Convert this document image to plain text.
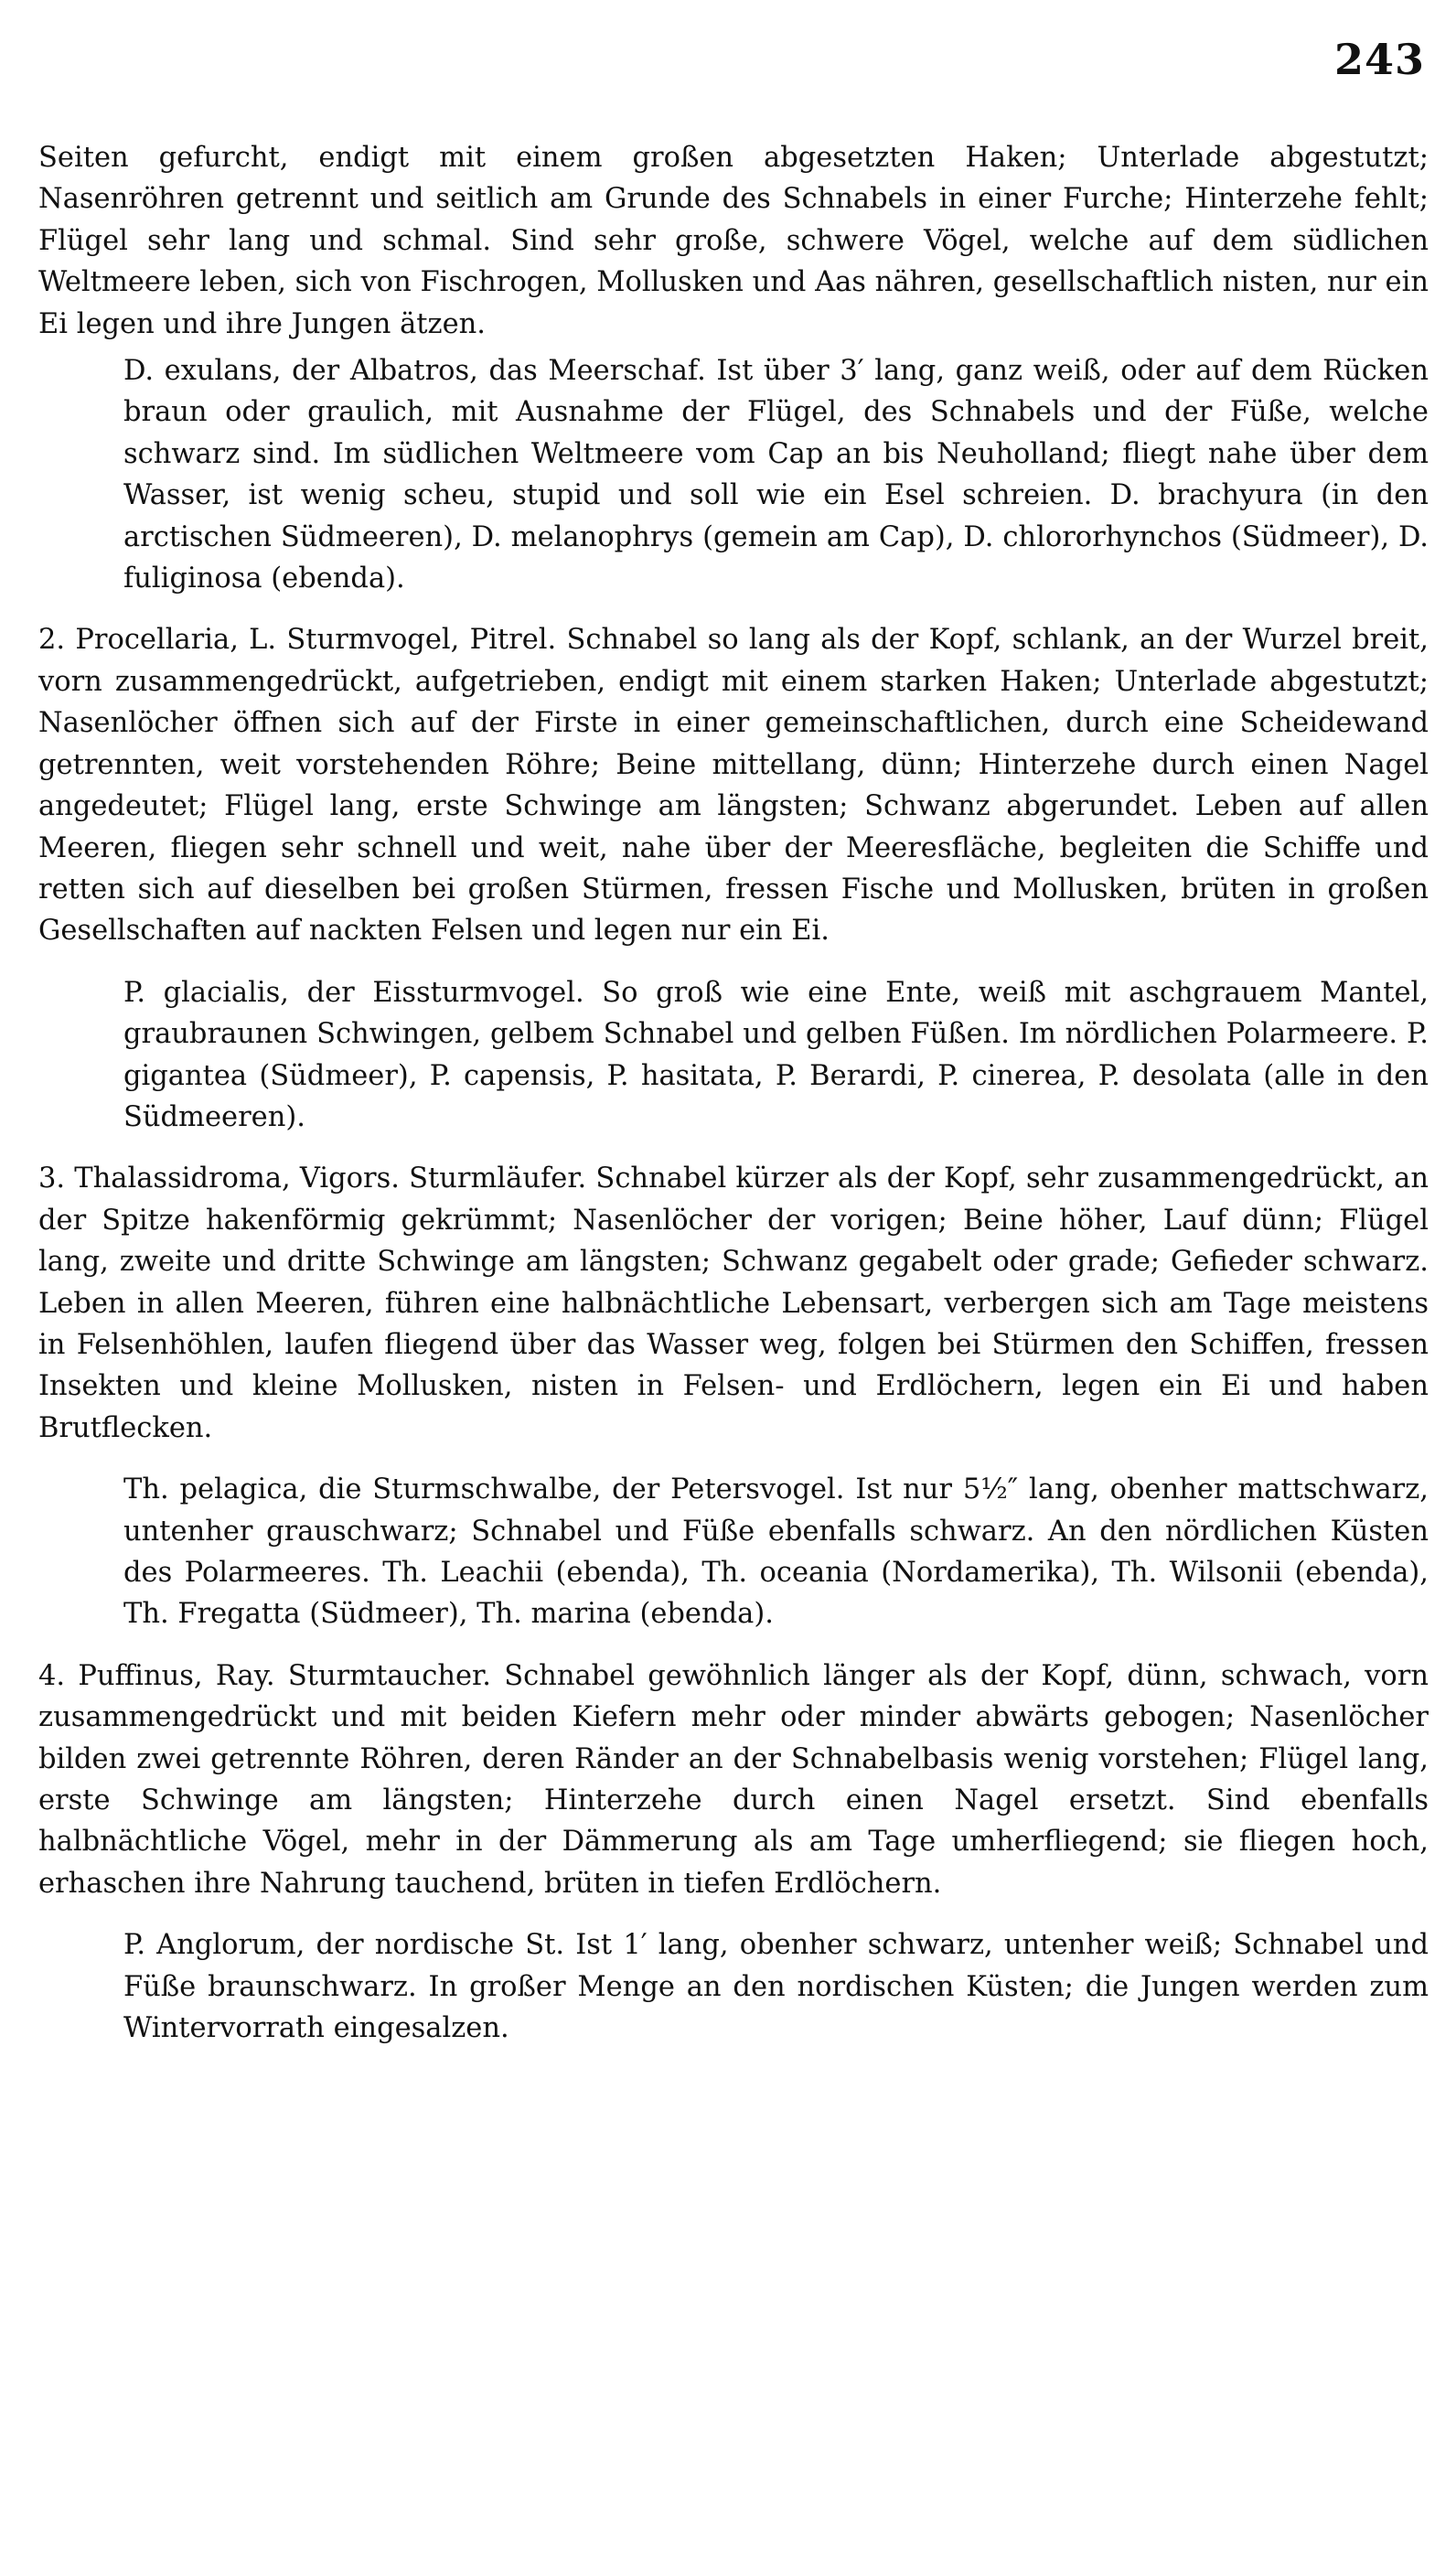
243

Seiten gefurcht, endigt mit einem großen abgesetzten Haken; Unterlade abgestutzt; Nasenröhren getrennt und seitlich am Grunde des Schnabels in einer Furche; Hinterzehe fehlt; Flügel sehr lang und schmal. Sind sehr große, schwere Vögel, welche auf dem südlichen Weltmeere leben, sich von Fischrogen, Mollusken und Aas nähren, gesellschaftlich nisten, nur ein Ei legen und ihre Jungen ätzen.

D. exulans, der Albatros, das Meerschaf. Ist über 3′ lang, ganz weiß, oder auf dem Rücken braun oder graulich, mit Ausnahme der Flügel, des Schnabels und der Füße, welche schwarz sind. Im südlichen Weltmeere vom Cap an bis Neuholland; fliegt nahe über dem Wasser, ist wenig scheu, stupid und soll wie ein Esel schreien. D. brachyura (in den arctischen Südmeeren), D. melanophrys (gemein am Cap), D. chlororhynchos (Südmeer), D. fuliginosa (ebenda).

2. Procellaria, L. Sturmvogel, Pitrel. Schnabel so lang als der Kopf, schlank, an der Wurzel breit, vorn zusammengedrückt, aufgetrieben, endigt mit einem starken Haken; Unterlade abgestutzt; Nasenlöcher öffnen sich auf der Firste in einer gemeinschaftlichen, durch eine Scheidewand getrennten, weit vorstehenden Röhre; Beine mittellang, dünn; Hinterzehe durch einen Nagel angedeutet; Flügel lang, erste Schwinge am längsten; Schwanz abgerundet. Leben auf allen Meeren, fliegen sehr schnell und weit, nahe über der Meeresfläche, begleiten die Schiffe und retten sich auf dieselben bei großen Stürmen, fressen Fische und Mollusken, brüten in großen Gesellschaften auf nackten Felsen und legen nur ein Ei.

P. glacialis, der Eissturmvogel. So groß wie eine Ente, weiß mit aschgrauem Mantel, graubraunen Schwingen, gelbem Schnabel und gelben Füßen. Im nördlichen Polarmeere. P. gigantea (Südmeer), P. capensis, P. hasitata, P. Berardi, P. cinerea, P. desolata (alle in den Südmeeren).

3. Thalassidroma, Vigors. Sturmläufer. Schnabel kürzer als der Kopf, sehr zusammengedrückt, an der Spitze hakenförmig gekrümmt; Nasenlöcher der vorigen; Beine höher, Lauf dünn; Flügel lang, zweite und dritte Schwinge am längsten; Schwanz gegabelt oder grade; Gefieder schwarz. Leben in allen Meeren, führen eine halbnächtliche Lebensart, verbergen sich am Tage meistens in Felsenhöhlen, laufen fliegend über das Wasser weg, folgen bei Stürmen den Schiffen, fressen Insekten und kleine Mollusken, nisten in Felsen- und Erdlöchern, legen ein Ei und haben Brutflecken.

Th. pelagica, die Sturmschwalbe, der Petersvogel. Ist nur 5½″ lang, obenher mattschwarz, untenher grauschwarz; Schnabel und Füße ebenfalls schwarz. An den nördlichen Küsten des Polarmeeres. Th. Leachii (ebenda), Th. oceania (Nordamerika), Th. Wilsonii (ebenda), Th. Fregatta (Südmeer), Th. marina (ebenda).

4. Puffinus, Ray. Sturmtaucher. Schnabel gewöhnlich länger als der Kopf, dünn, schwach, vorn zusammengedrückt und mit beiden Kiefern mehr oder minder abwärts gebogen; Nasenlöcher bilden zwei getrennte Röhren, deren Ränder an der Schnabelbasis wenig vorstehen; Flügel lang, erste Schwinge am längsten; Hinterzehe durch einen Nagel ersetzt. Sind ebenfalls halbnächtliche Vögel, mehr in der Dämmerung als am Tage umherfliegend; sie fliegen hoch, erhaschen ihre Nahrung tauchend, brüten in tiefen Erdlöchern.

P. Anglorum, der nordische St. Ist 1′ lang, obenher schwarz, untenher weiß; Schnabel und Füße braunschwarz. In großer Menge an den nordischen Küsten; die Jungen werden zum Wintervorrath eingesalzen.
